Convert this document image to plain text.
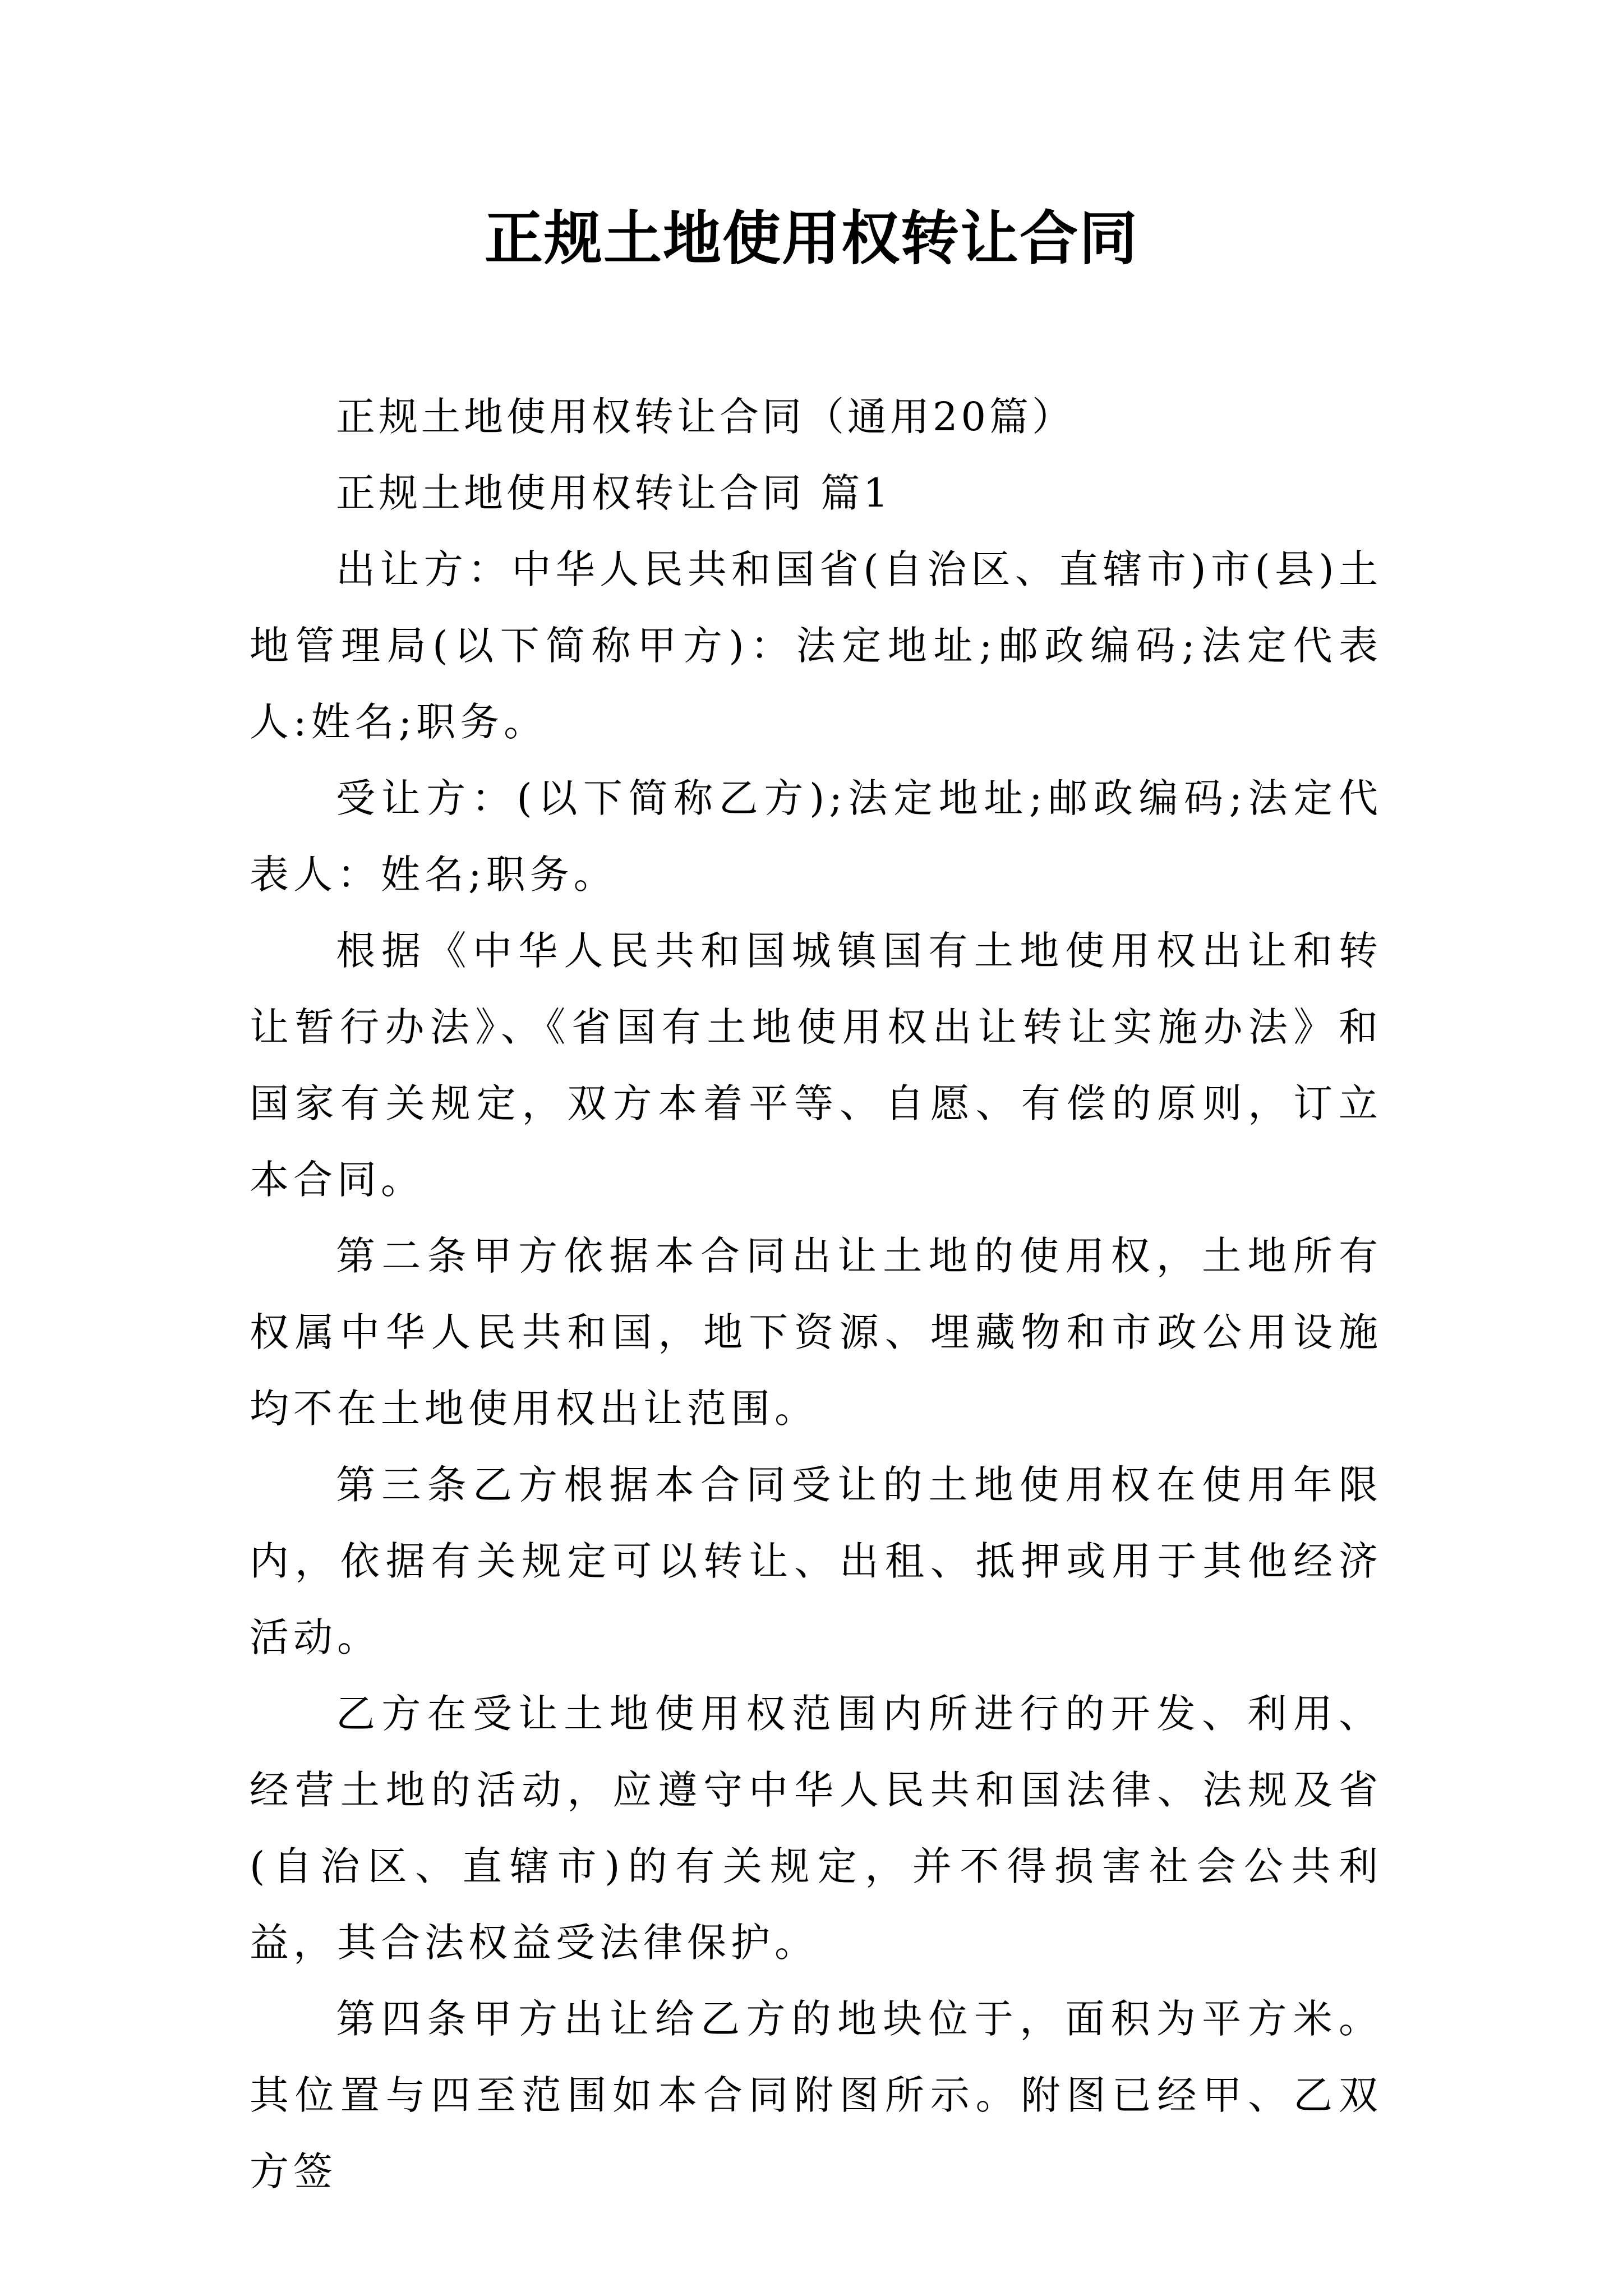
正规土地使用权转让合同

正规土地使用权转让合同（通用20篇）

正规土地使用权转让合同 篇1

出让方：中华人民共和国省(自治区、直辖市)市(县)土地管理局(以下简称甲方)：法定地址;邮政编码;法定代表人:姓名;职务。

受让方：(以下简称乙方);法定地址;邮政编码;法定代表人：姓名;职务。

根据《中华人民共和国城镇国有土地使用权出让和转让暂行办法》、《省国有土地使用权出让转让实施办法》和国家有关规定，双方本着平等、自愿、有偿的原则，订立本合同。

第二条甲方依据本合同出让土地的使用权，土地所有权属中华人民共和国，地下资源、埋藏物和市政公用设施均不在土地使用权出让范围。

第三条乙方根据本合同受让的土地使用权在使用年限内，依据有关规定可以转让、出租、抵押或用于其他经济活动。

乙方在受让土地使用权范围内所进行的开发、利用、经营土地的活动，应遵守中华人民共和国法律、法规及省(自治区、直辖市)的有关规定，并不得损害社会公共利益，其合法权益受法律保护。

第四条甲方出让给乙方的地块位于，面积为平方米。其位置与四至范围如本合同附图所示。附图已经甲、乙双方签
